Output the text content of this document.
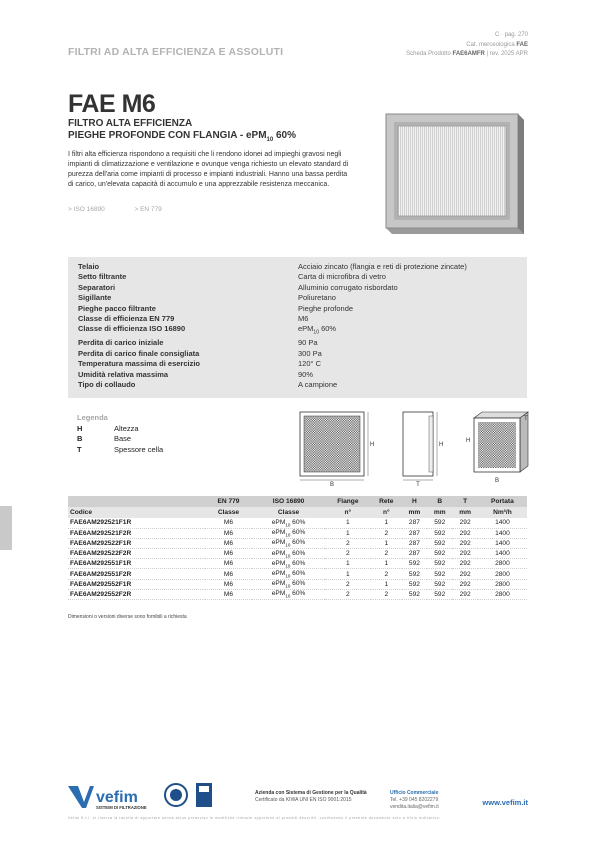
FILTRI AD ALTA EFFICIENZA E ASSOLUTI
C · pag. 270
Cat. merceologica FAE
Scheda Prodotto FAE6AMFR | rev. 2025 APR
FAE M6
FILTRO ALTA EFFICIENZA
PIEGHE PROFONDE CON FLANGIA - ePM$_{10}$ 60%
I filtri alta efficienza rispondono a requisiti che li rendono idonei ad impieghi gravosi negli impianti di climatizzazione e ventilazione e ovunque venga richiesto un elevato standard di purezza dell'aria come impianti di processo e impianti industriali. Hanno una bassa perdita di carico, un'elevata capacità di accumulo e una apprezzabile resistenza meccanica.
> ISO 16890	> EN 779
Telaio	Acciaio zincato (flangia e reti di protezione zincate)
Setto filtrante	Carta di microfibra di vetro
Separatori	Alluminio corrugato risbordato
Sigillante	Poliuretano
Pieghe pacco filtrante	Pieghe profonde
Classe di efficienza EN 779	M6
Classe di efficienza ISO 16890	ePM$_{10}$ 60%
Perdita di carico iniziale	90 Pa
Perdita di carico finale consigliata	300 Pa
Temperatura massima di esercizio	120° C
Umidità relativa massima	90%
Tipo di collaudo	A campione
Legenda
H	Altezza
B	Base
T	Spessore cella
B
H
T
H
H
B
T
	EN 779	ISO 16890	Flange	Rete	H	B	T	Portata
Codice	Classe	Classe	n°	n°	mm	mm	mm	Nm³/h
FAE6AM292521F1R	M6	ePM$_{10}$ 60%	1	1	287	592	292	1400
FAE6AM292521F2R	M6	ePM$_{10}$ 60%	1	2	287	592	292	1400
FAE6AM292522F1R	M6	ePM$_{10}$ 60%	2	1	287	592	292	1400
FAE6AM292522F2R	M6	ePM$_{10}$ 60%	2	2	287	592	292	1400
FAE6AM292551F1R	M6	ePM$_{10}$ 60%	1	1	592	592	292	2800
FAE6AM292551F2R	M6	ePM$_{10}$ 60%	1	2	592	592	292	2800
FAE6AM292552F1R	M6	ePM$_{10}$ 60%	2	1	592	592	292	2800
FAE6AM292552F2R	M6	ePM$_{10}$ 60%	2	2	592	592	292	2800
Dimensioni o versioni diverse sono fornibili a richiesta
vefim
SISTEMI DI FILTRAZIONE
Azienda con Sistema di Gestione per la Qualità
Certificato da KIWA UNI EN ISO 9001:2015
Ufficio Commerciale
Tel. +39 045 8202279
vendita.italia@vefim.it	www.vefim.it
Vefim S.r.l. si riserva la facoltà di apportare senza alcun preavviso le modifiche ritenute opportune ai prodotti descritti, costituendo il presente documento solo a titolo indicativo.
